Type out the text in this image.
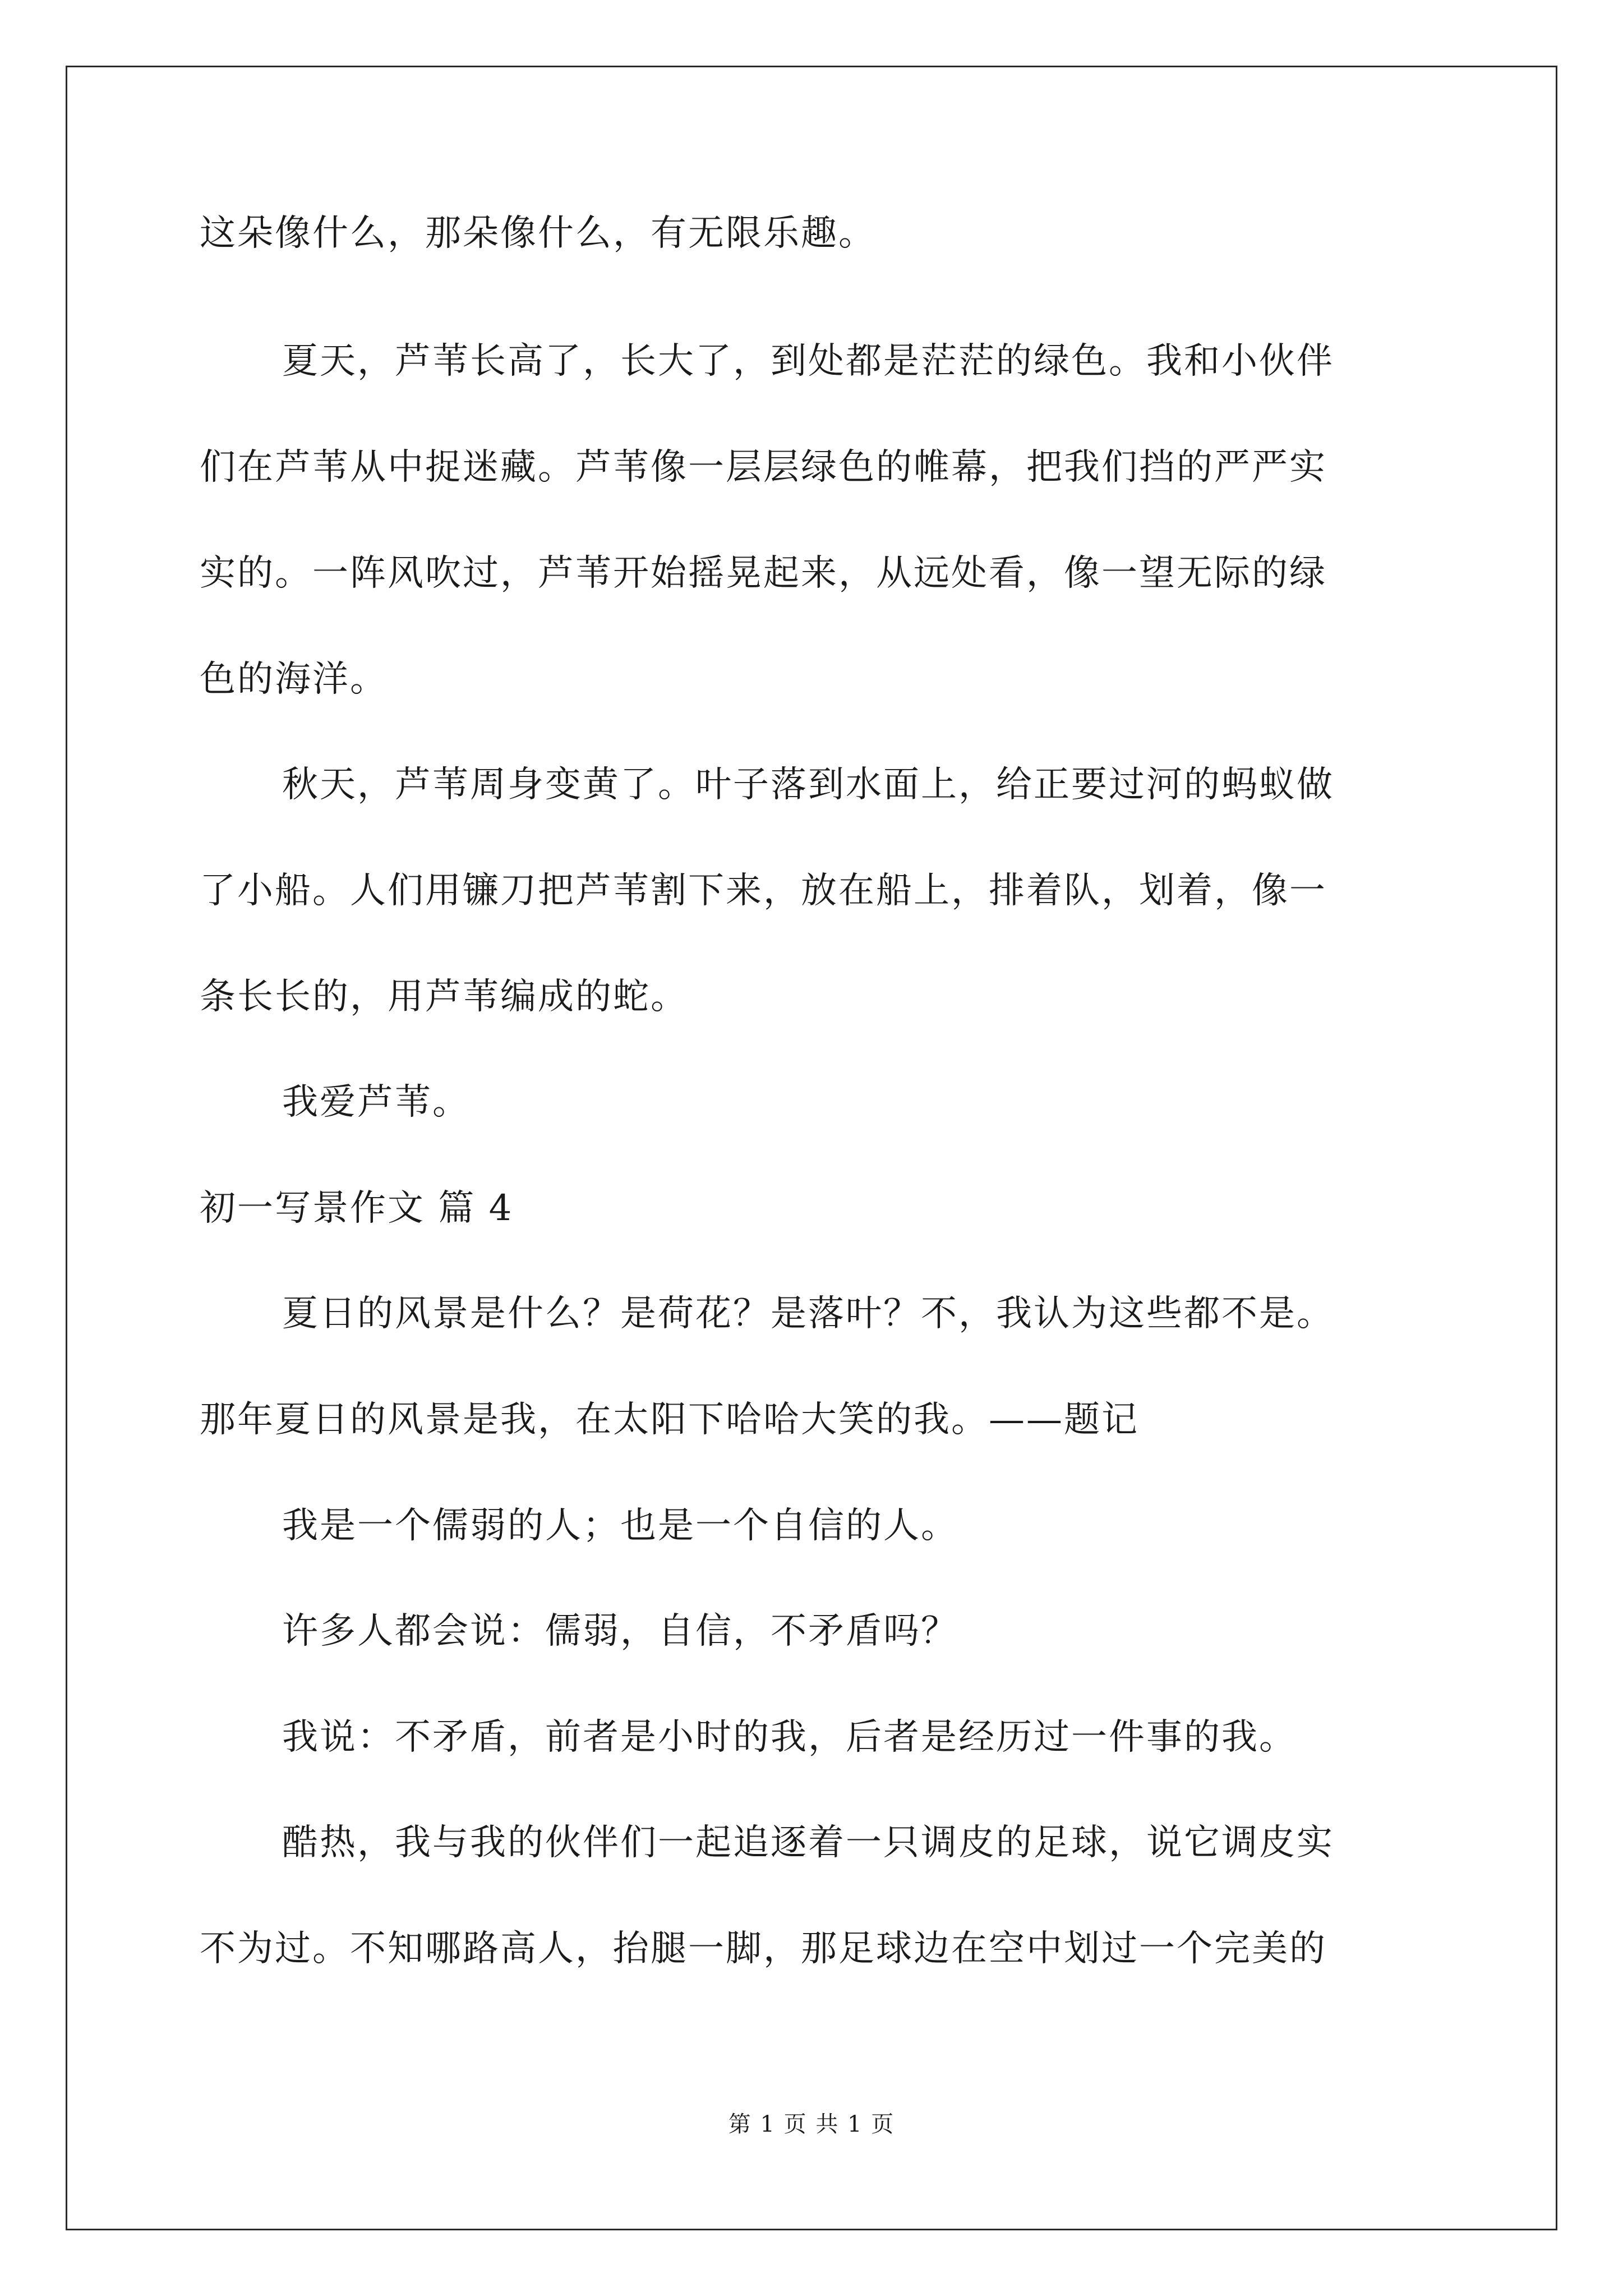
这朵像什么，那朵像什么，有无限乐趣。
夏天，芦苇长高了，长大了，到处都是茫茫的绿色。我和小伙伴
们在芦苇从中捉迷藏。芦苇像一层层绿色的帷幕，把我们挡的严严实
实的。一阵风吹过，芦苇开始摇晃起来，从远处看，像一望无际的绿
色的海洋。
秋天，芦苇周身变黄了。叶子落到水面上，给正要过河的蚂蚁做
了小船。人们用镰刀把芦苇割下来，放在船上，排着队，划着，像一
条长长的，用芦苇编成的蛇。
我爱芦苇。
初一写景作文 篇 4
夏日的风景是什么？是荷花？是落叶？不，我认为这些都不是。
那年夏日的风景是我，在太阳下哈哈大笑的我。——题记
我是一个儒弱的人；也是一个自信的人。
许多人都会说：儒弱，自信，不矛盾吗？
我说：不矛盾，前者是小时的我，后者是经历过一件事的我。
酷热，我与我的伙伴们一起追逐着一只调皮的足球，说它调皮实
不为过。不知哪路高人，抬腿一脚，那足球边在空中划过一个完美的
第 1 页 共 1 页
